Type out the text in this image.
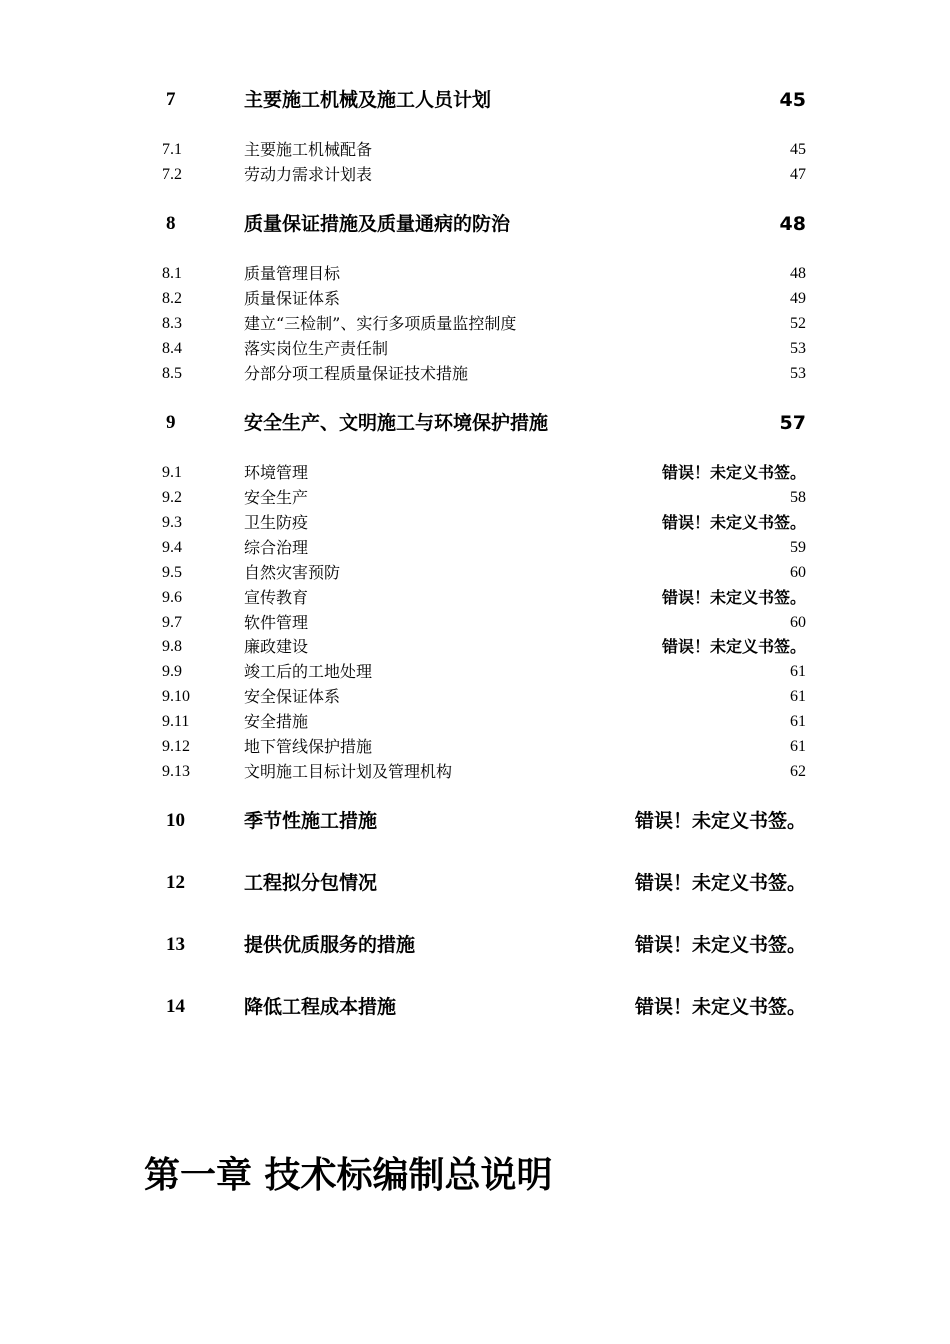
7	主要施工机械及施工人员计划	45
7.1	主要施工机械配备	45
7.2	劳动力需求计划表	47
8	质量保证措施及质量通病的防治	48
8.1	质量管理目标	48
8.2	质量保证体系	49
8.3	建立“三检制”、实行多项质量监控制度	52
8.4	落实岗位生产责任制	53
8.5	分部分项工程质量保证技术措施	53
9	安全生产、文明施工与环境保护措施	57
9.1	环境管理	错误！未定义书签。
9.2	安全生产	58
9.3	卫生防疫	错误！未定义书签。
9.4	综合治理	59
9.5	自然灾害预防	60
9.6	宣传教育	错误！未定义书签。
9.7	软件管理	60
9.8	廉政建设	错误！未定义书签。
9.9	竣工后的工地处理	61
9.10	安全保证体系	61
9.11	安全措施	61
9.12	地下管线保护措施	61
9.13	文明施工目标计划及管理机构	62
10	季节性施工措施	错误！未定义书签。
12	工程拟分包情况	错误！未定义书签。
13	提供优质服务的措施	错误！未定义书签。
14	降低工程成本措施	错误！未定义书签。
第一章 技术标编制总说明
